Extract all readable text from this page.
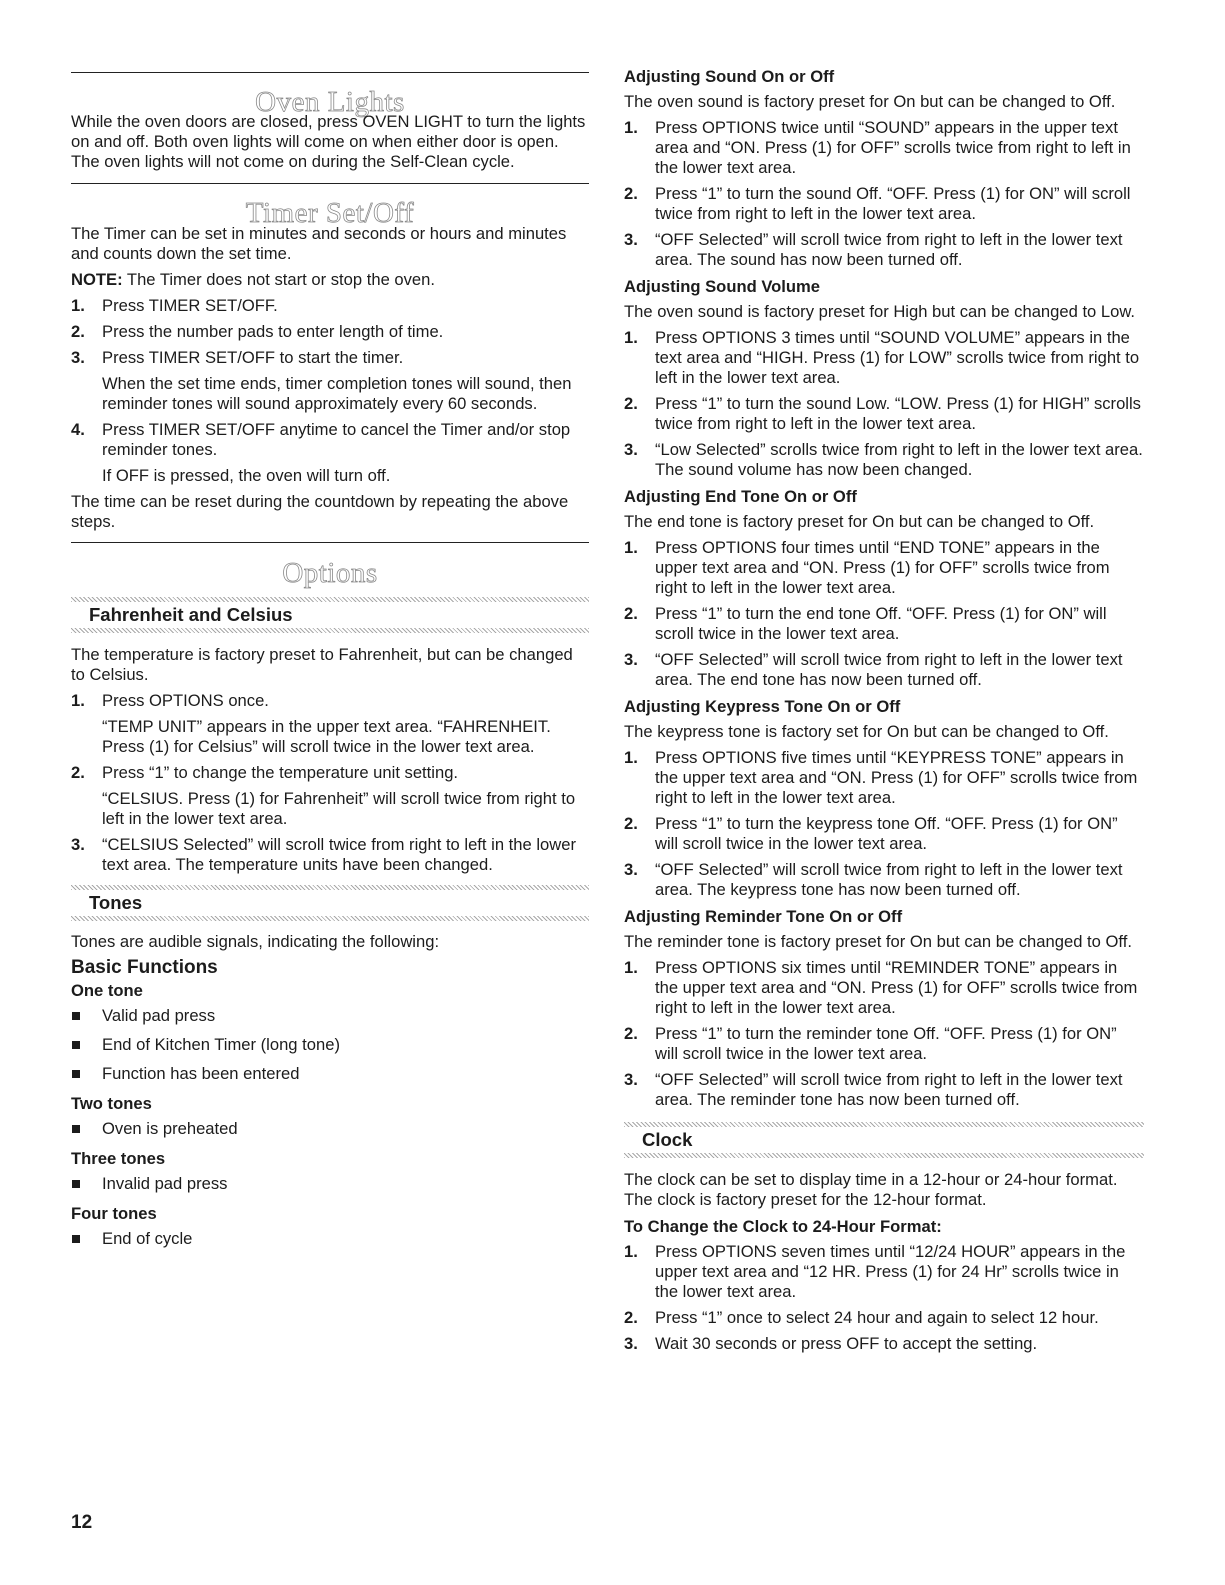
Oven Lights

While the oven doors are closed, press OVEN LIGHT to turn the lights on and off. Both oven lights will come on when either door is open. The oven lights will not come on during the Self-Clean cycle.

Timer Set/Off

The Timer can be set in minutes and seconds or hours and minutes and counts down the set time.

NOTE: The Timer does not start or stop the oven.

1. Press TIMER SET/OFF.
2. Press the number pads to enter length of time.
3. Press TIMER SET/OFF to start the timer.
When the set time ends, timer completion tones will sound, then reminder tones will sound approximately every 60 seconds.
4. Press TIMER SET/OFF anytime to cancel the Timer and/or stop reminder tones.
If OFF is pressed, the oven will turn off.

The time can be reset during the countdown by repeating the above steps.

Options
Fahrenheit and Celsius

The temperature is factory preset to Fahrenheit, but can be changed to Celsius.

1. Press OPTIONS once.
“TEMP UNIT” appears in the upper text area. “FAHRENHEIT. Press (1) for Celsius” will scroll twice in the lower text area.
2. Press “1” to change the temperature unit setting.
“CELSIUS. Press (1) for Fahrenheit” will scroll twice from right to left in the lower text area.
3. “CELSIUS Selected” will scroll twice from right to left in the lower text area. The temperature units have been changed.
Tones

Tones are audible signals, indicating the following:

Basic Functions
One tone
Valid pad press
End of Kitchen Timer (long tone)
Function has been entered
Two tones
Oven is preheated
Three tones
Invalid pad press
Four tones
End of cycle
Adjusting Sound On or Off

The oven sound is factory preset for On but can be changed to Off.

1. Press OPTIONS twice until “SOUND” appears in the upper text area and “ON. Press (1) for OFF” scrolls twice from right to left in the lower text area.
2. Press “1” to turn the sound Off. “OFF. Press (1) for ON” will scroll twice from right to left in the lower text area.
3. “OFF Selected” will scroll twice from right to left in the lower text area. The sound has now been turned off.
Adjusting Sound Volume

The oven sound is factory preset for High but can be changed to Low.

1. Press OPTIONS 3 times until “SOUND VOLUME” appears in the text area and “HIGH. Press (1) for LOW” scrolls twice from right to left in the lower text area.
2. Press “1” to turn the sound Low. “LOW. Press (1) for HIGH” scrolls twice from right to left in the lower text area.
3. “Low Selected” scrolls twice from right to left in the lower text area. The sound volume has now been changed.
Adjusting End Tone On or Off

The end tone is factory preset for On but can be changed to Off.

1. Press OPTIONS four times until “END TONE” appears in the upper text area and “ON. Press (1) for OFF” scrolls twice from right to left in the lower text area.
2. Press “1” to turn the end tone Off. “OFF. Press (1) for ON” will scroll twice in the lower text area.
3. “OFF Selected” will scroll twice from right to left in the lower text area. The end tone has now been turned off.
Adjusting Keypress Tone On or Off

The keypress tone is factory set for On but can be changed to Off.

1. Press OPTIONS five times until “KEYPRESS TONE” appears in the upper text area and “ON. Press (1) for OFF” scrolls twice from right to left in the lower text area.
2. Press “1” to turn the keypress tone Off. “OFF. Press (1) for ON” will scroll twice in the lower text area.
3. “OFF Selected” will scroll twice from right to left in the lower text area. The keypress tone has now been turned off.
Adjusting Reminder Tone On or Off

The reminder tone is factory preset for On but can be changed to Off.

1. Press OPTIONS six times until “REMINDER TONE” appears in the upper text area and “ON. Press (1) for OFF” scrolls twice from right to left in the lower text area.
2. Press “1” to turn the reminder tone Off. “OFF. Press (1) for ON” will scroll twice in the lower text area.
3. “OFF Selected” will scroll twice from right to left in the lower text area. The reminder tone has now been turned off.
Clock

The clock can be set to display time in a 12-hour or 24-hour format. The clock is factory preset for the 12-hour format.

To Change the Clock to 24-Hour Format:
1. Press OPTIONS seven times until “12/24 HOUR” appears in the upper text area and “12 HR. Press (1) for 24 Hr” scrolls twice in the lower text area.
2. Press “1” once to select 24 hour and again to select 12 hour.
3. Wait 30 seconds or press OFF to accept the setting.
12
